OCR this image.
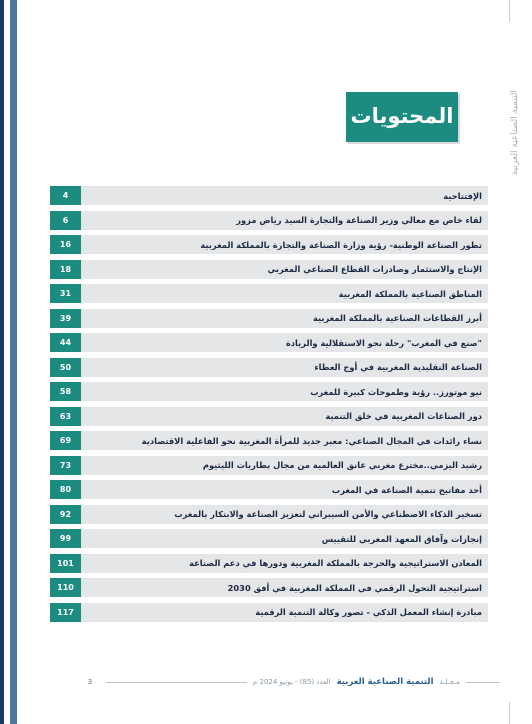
التنمية الصناعية العربية
المحتويات
4	الإفتتاحية
6	لقاء خاص مع معالي وزير الصناعة والتجارة السيد رياض مزور
16	تطور الصناعة الوطنية- رؤية وزارة الصناعة والتجارة بالمملكة المغربية
18	الإنتاج والاستثمار وصادرات القطاع الصناعي المغربي
31	المناطق الصناعية بالمملكة المغربية
39	أبرز القطاعات الصناعية بالمملكة المغربية
44	"صنع في المغرب" رحلة نحو الاستقلالية والريادة
50	الصناعة التقليدية المغربية في أوج العطاء
58	نيو موتورز.. رؤية وطموحات كبيرة للمغرب
63	دور الصناعات المغربية في خلق التنمية
69	نساء رائدات في المجال الصناعي: معبر جديد للمرأة المغربية نحو الفاعلية الاقتصادية
73	رشيد اليزمي..مخترع مغربي عانق العالمية من مجال بطاريات الليثيوم
80	أحد مفاتيح تنمية الصناعة في المغرب
92	تسخير الذكاء الاصطناعي والأمن السيبراني لتعزيز الصناعة والابتكار بالمغرب
99	إنجازات وآفاق المعهد المغربي للتقييس
101	المعادن الاستراتيجية والحرجة بالمملكة المغربية ودورها في دعم الصناعة
110	استراتيجية التحول الرقمي في المملكة المغربية في أفق 2030
117	مبادرة إنشاء المعمل الذكي - تصور وكالة التنمية الرقمية
3	العدد (85) - يونيو 2024 م التنمية الصناعية العربية مـجـلـة
